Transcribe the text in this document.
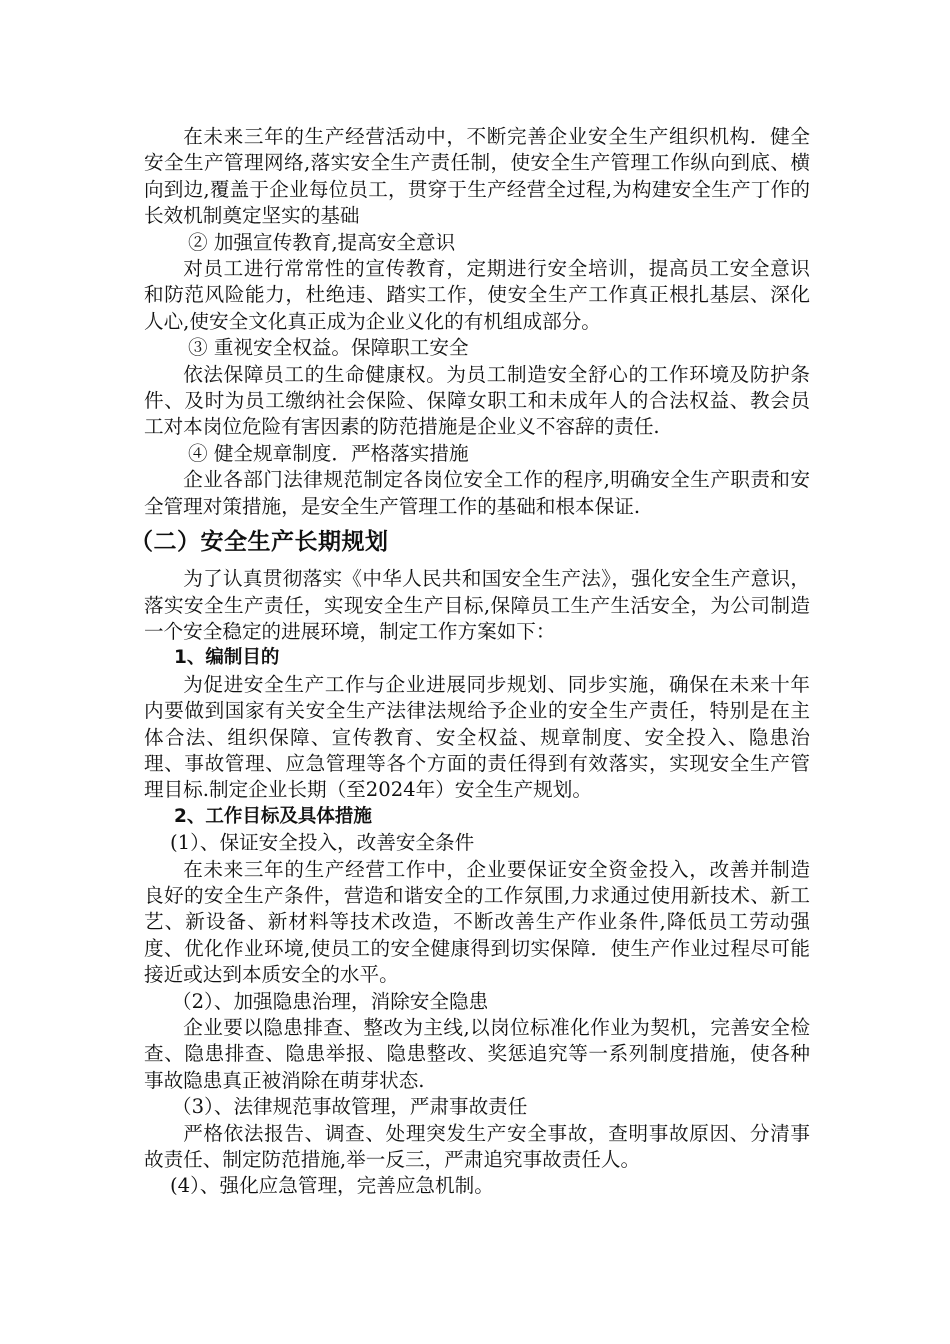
在未来三年的生产经营活动中，不断完善企业安全生产组织机构．健全安全生产管理网络,落实安全生产责任制，使安全生产管理工作纵向到底、横向到边,覆盖于企业每位员工，贯穿于生产经营全过程,为构建安全生产丁作的长效机制奠定坚实的基础

② 加强宣传教育,提高安全意识

对员工进行常常性的宣传教育，定期进行安全培训，提高员工安全意识和防范风险能力，杜绝违、踏实工作，使安全生产工作真正根扎基层、深化人心,使安全文化真正成为企业义化的有机组成部分。

③ 重视安全权益。保障职工安全

依法保障员工的生命健康权。为员工制造安全舒心的工作环境及防护条件、及时为员工缴纳社会保险、保障女职工和未成年人的合法权益、教会员工对本岗位危险有害因素的防范措施是企业义不容辞的责任.

④ 健全规章制度．严格落实措施

企业各部门法律规范制定各岗位安全工作的程序,明确安全生产职责和安全管理对策措施，是安全生产管理工作的基础和根本保证.

（二）安全生产长期规划

为了认真贯彻落实《中华人民共和国安全生产法》，强化安全生产意识，落实安全生产责任，实现安全生产目标,保障员工生产生活安全，为公司制造一个安全稳定的进展环境，制定工作方案如下：

1、编制目的

为促进安全生产工作与企业进展同步规划、同步实施，确保在未来十年内要做到国家有关安全生产法律法规给予企业的安全生产责任，特别是在主体合法、组织保障、宣传教育、安全权益、规章制度、安全投入、隐患治理、事故管理、应急管理等各个方面的责任得到有效落实，实现安全生产管理目标.制定企业长期（至2024年）安全生产规划。

2、工作目标及具体措施

(1）、保证安全投入，改善安全条件

在未来三年的生产经营工作中，企业要保证安全资金投入，改善并制造良好的安全生产条件，营造和谐安全的工作氛围,力求通过使用新技术、新工艺、新设备、新材料等技术改造，不断改善生产作业条件,降低员工劳动强度、优化作业环境,使员工的安全健康得到切实保障．使生产作业过程尽可能接近或达到本质安全的水平。

（2）、加强隐患治理，消除安全隐患

企业要以隐患排查、整改为主线,以岗位标准化作业为契机，完善安全检查、隐患排查、隐患举报、隐患整改、奖惩追究等一系列制度措施，使各种事故隐患真正被消除在萌芽状态.

（3）、法律规范事故管理，严肃事故责任

严格依法报告、调查、处理突发生产安全事故，查明事故原因、分清事故责任、制定防范措施,举一反三，严肃追究事故责任人。

(4）、强化应急管理，完善应急机制。
